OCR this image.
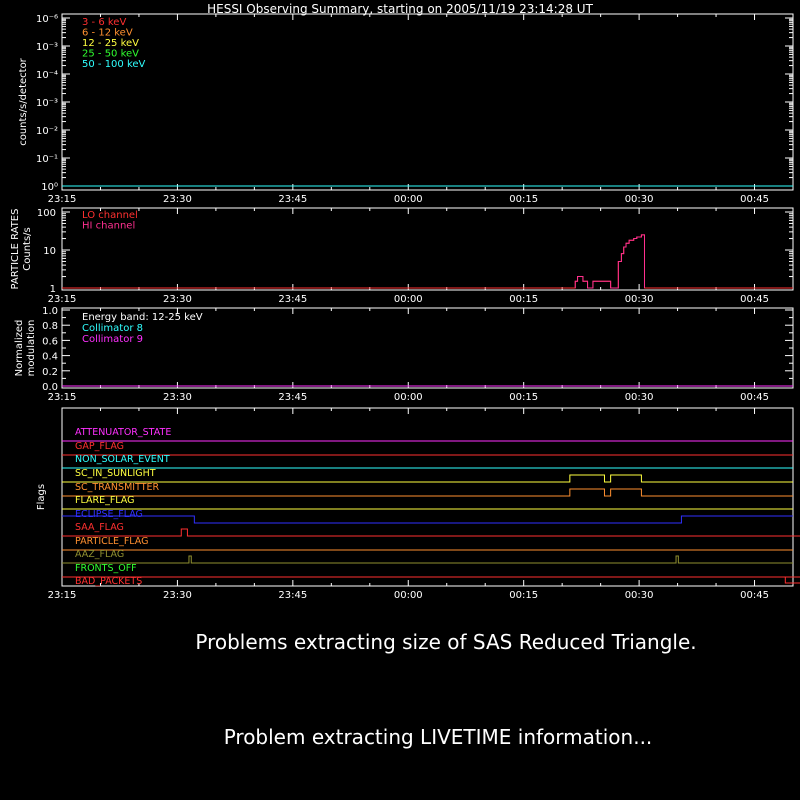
HESSI Observing Summary, starting on 2005/11/19 23:14:28 UT
23:15	23:30	23:45	00:00	00:15	00:30	00:45
23:15	23:30	23:45	00:00	00:15	00:30	00:45
23:15	23:30	23:45	00:00	00:15	00:30	00:45
23:15	23:30	23:45	00:00	00:15	00:30	00:45
10⁰
10⁻¹
10⁻²
10⁻³
10⁻⁴
10⁻³
10⁻⁶
counts/s/detector
3 - 6 keV
6 - 12 keV
12 - 25 keV
25 - 50 keV
50 - 100 keV
100
10
1
PARTICLE RATES Counts/s
LO channel
HI channel
1.0
0.8
0.6
0.4
0.2
0.0
Normalized modulation
Energy band: 12-25 keV
Collimator 8
Collimator 9
Flags
ATTENUATOR_STATE
GAP_FLAG
NON_SOLAR_EVENT
SC_IN_SUNLIGHT
SC_TRANSMITTER
FLARE_FLAG
ECLIPSE_FLAG
SAA_FLAG
PARTICLE_FLAG
AAZ_FLAG
FRONTS_OFF
BAD_PACKETS
Problems extracting size of SAS Reduced Triangle.
Problem extracting LIVETIME information...
